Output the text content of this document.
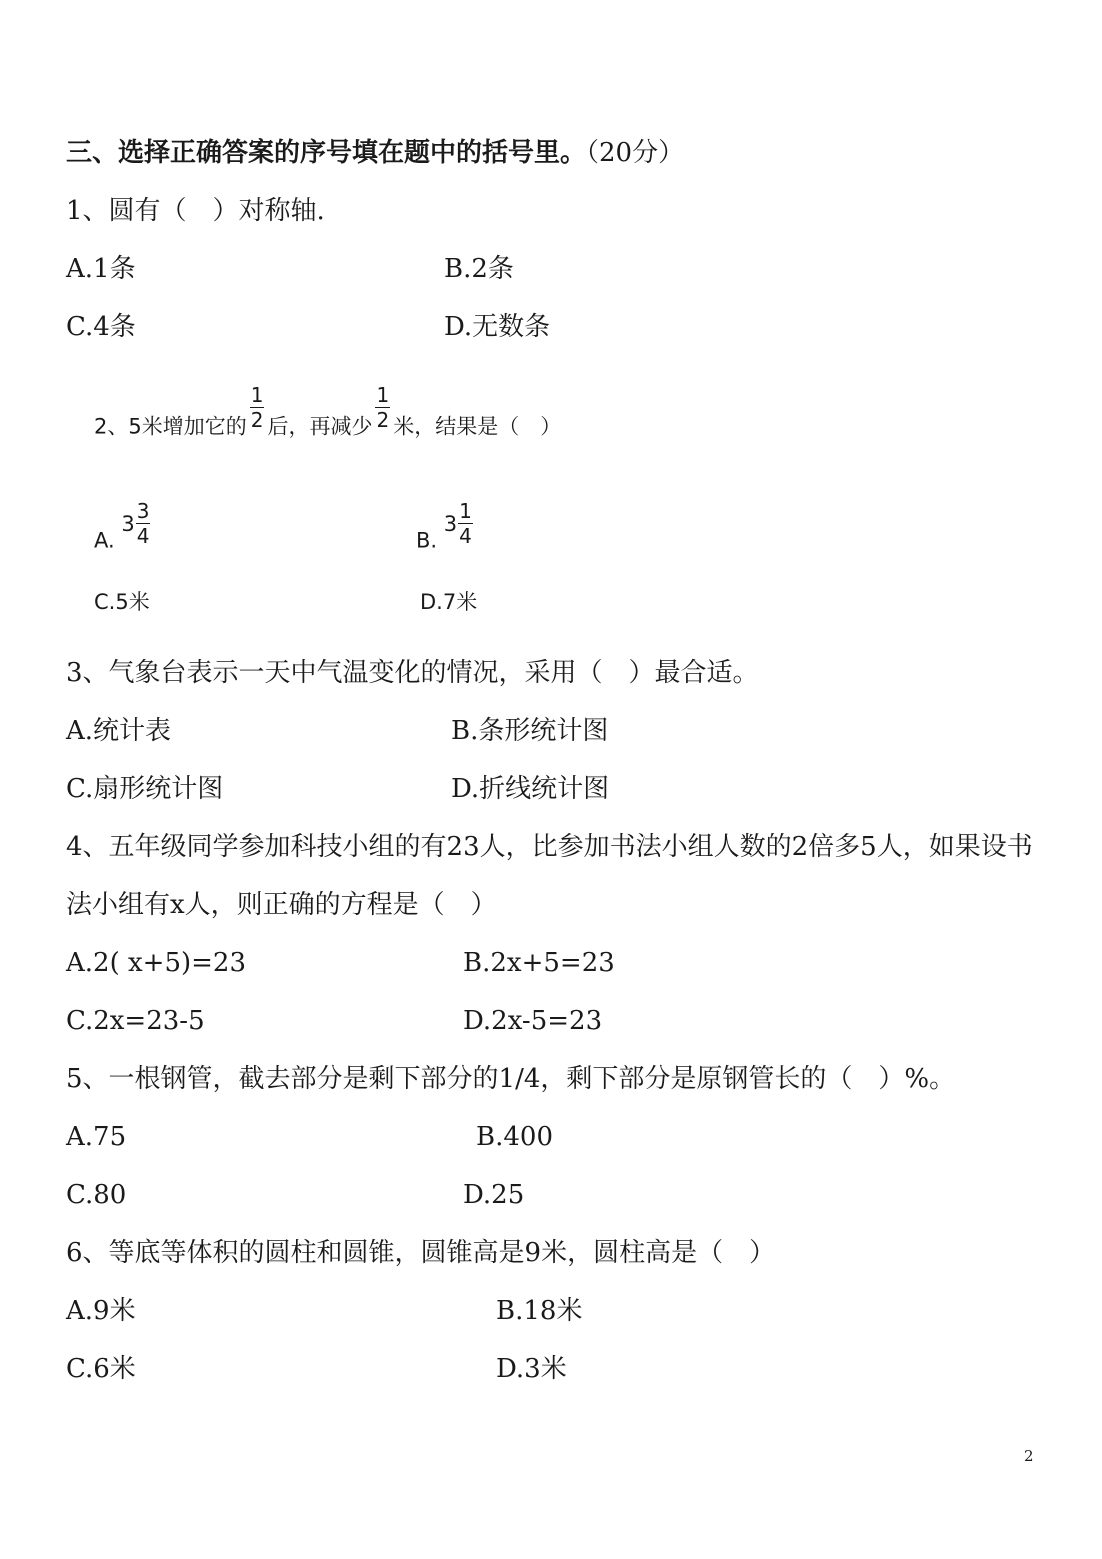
三、选择正确答案的序号填在题中的括号里。（20分）
1、圆有（　）对称轴.
A.1条	B.2条
C.4条	D.无数条
2、5米增加它的 $\frac{1}{2}$ 后，再减少 $\frac{1}{2}$ 米，结果是（　）
A. $3 \frac{3}{4}$	B. $3 \frac{1}{4}$
C.5米	D.7米
3、气象台表示一天中气温变化的情况，采用（　）最合适。
A.统计表	B.条形统计图
C.扇形统计图	D.折线统计图
4、五年级同学参加科技小组的有23人，比参加书法小组人数的2倍多5人，如果设书
法小组有x人，则正确的方程是（　）
A.2( x+5)=23	B.2x+5=23
C.2x=23-5	D.2x-5=23
5、一根钢管，截去部分是剩下部分的1/4，剩下部分是原钢管长的（　）%。
A.75	B.400
C.80	D.25
6、等底等体积的圆柱和圆锥，圆锥高是9米，圆柱高是（　）
A.9米	B.18米
C.6米	D.3米
2
